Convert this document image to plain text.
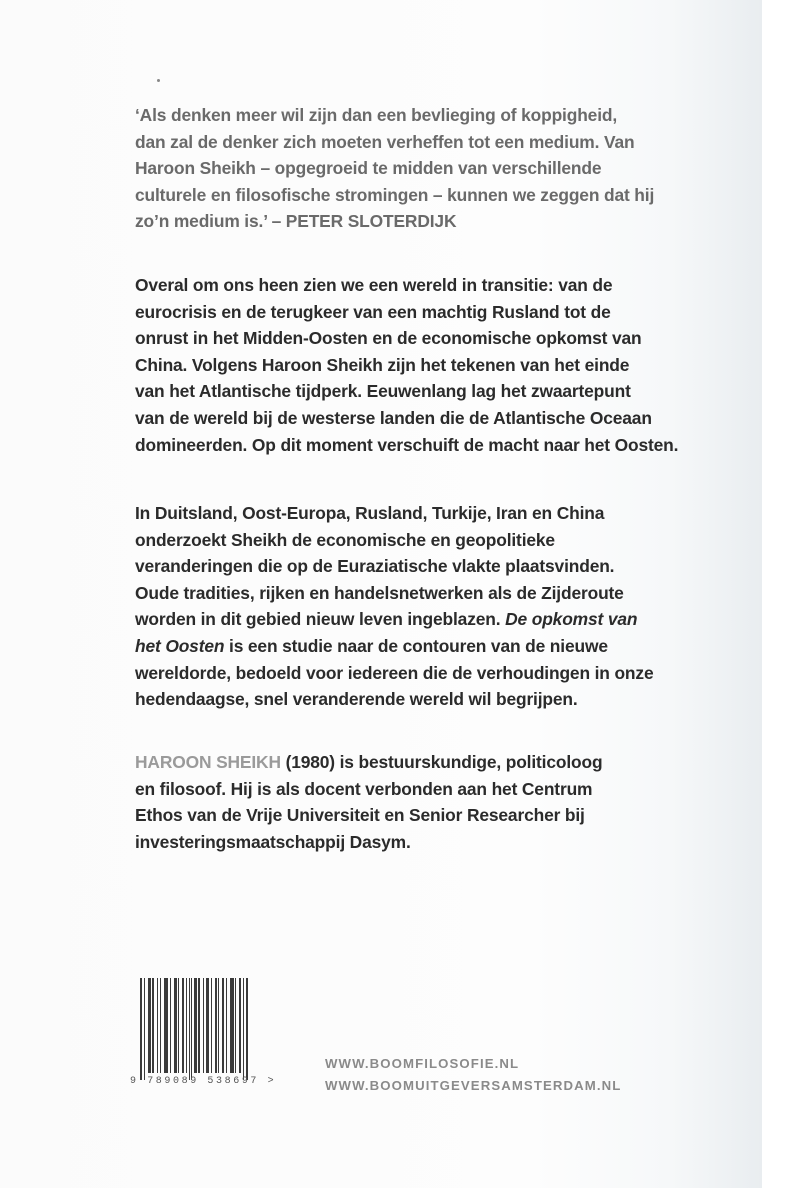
‘Als denken meer wil zijn dan een bevlieging of koppigheid,
dan zal de denker zich moeten verheffen tot een medium. Van
Haroon Sheikh – opgegroeid te midden van verschillende
culturele en filosofische stromingen – kunnen we zeggen dat hij
zo’n medium is.’ – PETER SLOTERDIJK
Overal om ons heen zien we een wereld in transitie: van de
eurocrisis en de terugkeer van een machtig Rusland tot de
onrust in het Midden-Oosten en de economische opkomst van
China. Volgens Haroon Sheikh zijn het tekenen van het einde
van het Atlantische tijdperk. Eeuwenlang lag het zwaartepunt
van de wereld bij de westerse landen die de Atlantische Oceaan
domineerden. Op dit moment verschuift de macht naar het Oosten.
In Duitsland, Oost-Europa, Rusland, Turkije, Iran en China
onderzoekt Sheikh de economische en geopolitieke
veranderingen die op de Euraziatische vlakte plaatsvinden.
Oude tradities, rijken en handelsnetwerken als de Zijderoute
worden in dit gebied nieuw leven ingeblazen. De opkomst van
het Oosten is een studie naar de contouren van de nieuwe
wereldorde, bedoeld voor iedereen die de verhoudingen in onze
hedendaagse, snel veranderende wereld wil begrijpen.
HAROON SHEIKH (1980) is bestuurskundige, politicoloog
en filosoof. Hij is als docent verbonden aan het Centrum
Ethos van de Vrije Universiteit en Senior Researcher bij
investeringsmaatschappij Dasym.
9 789089 538697 >
WWW.BOOMFILOSOFIE.NL
WWW.BOOMUITGEVERSAMSTERDAM.NL
